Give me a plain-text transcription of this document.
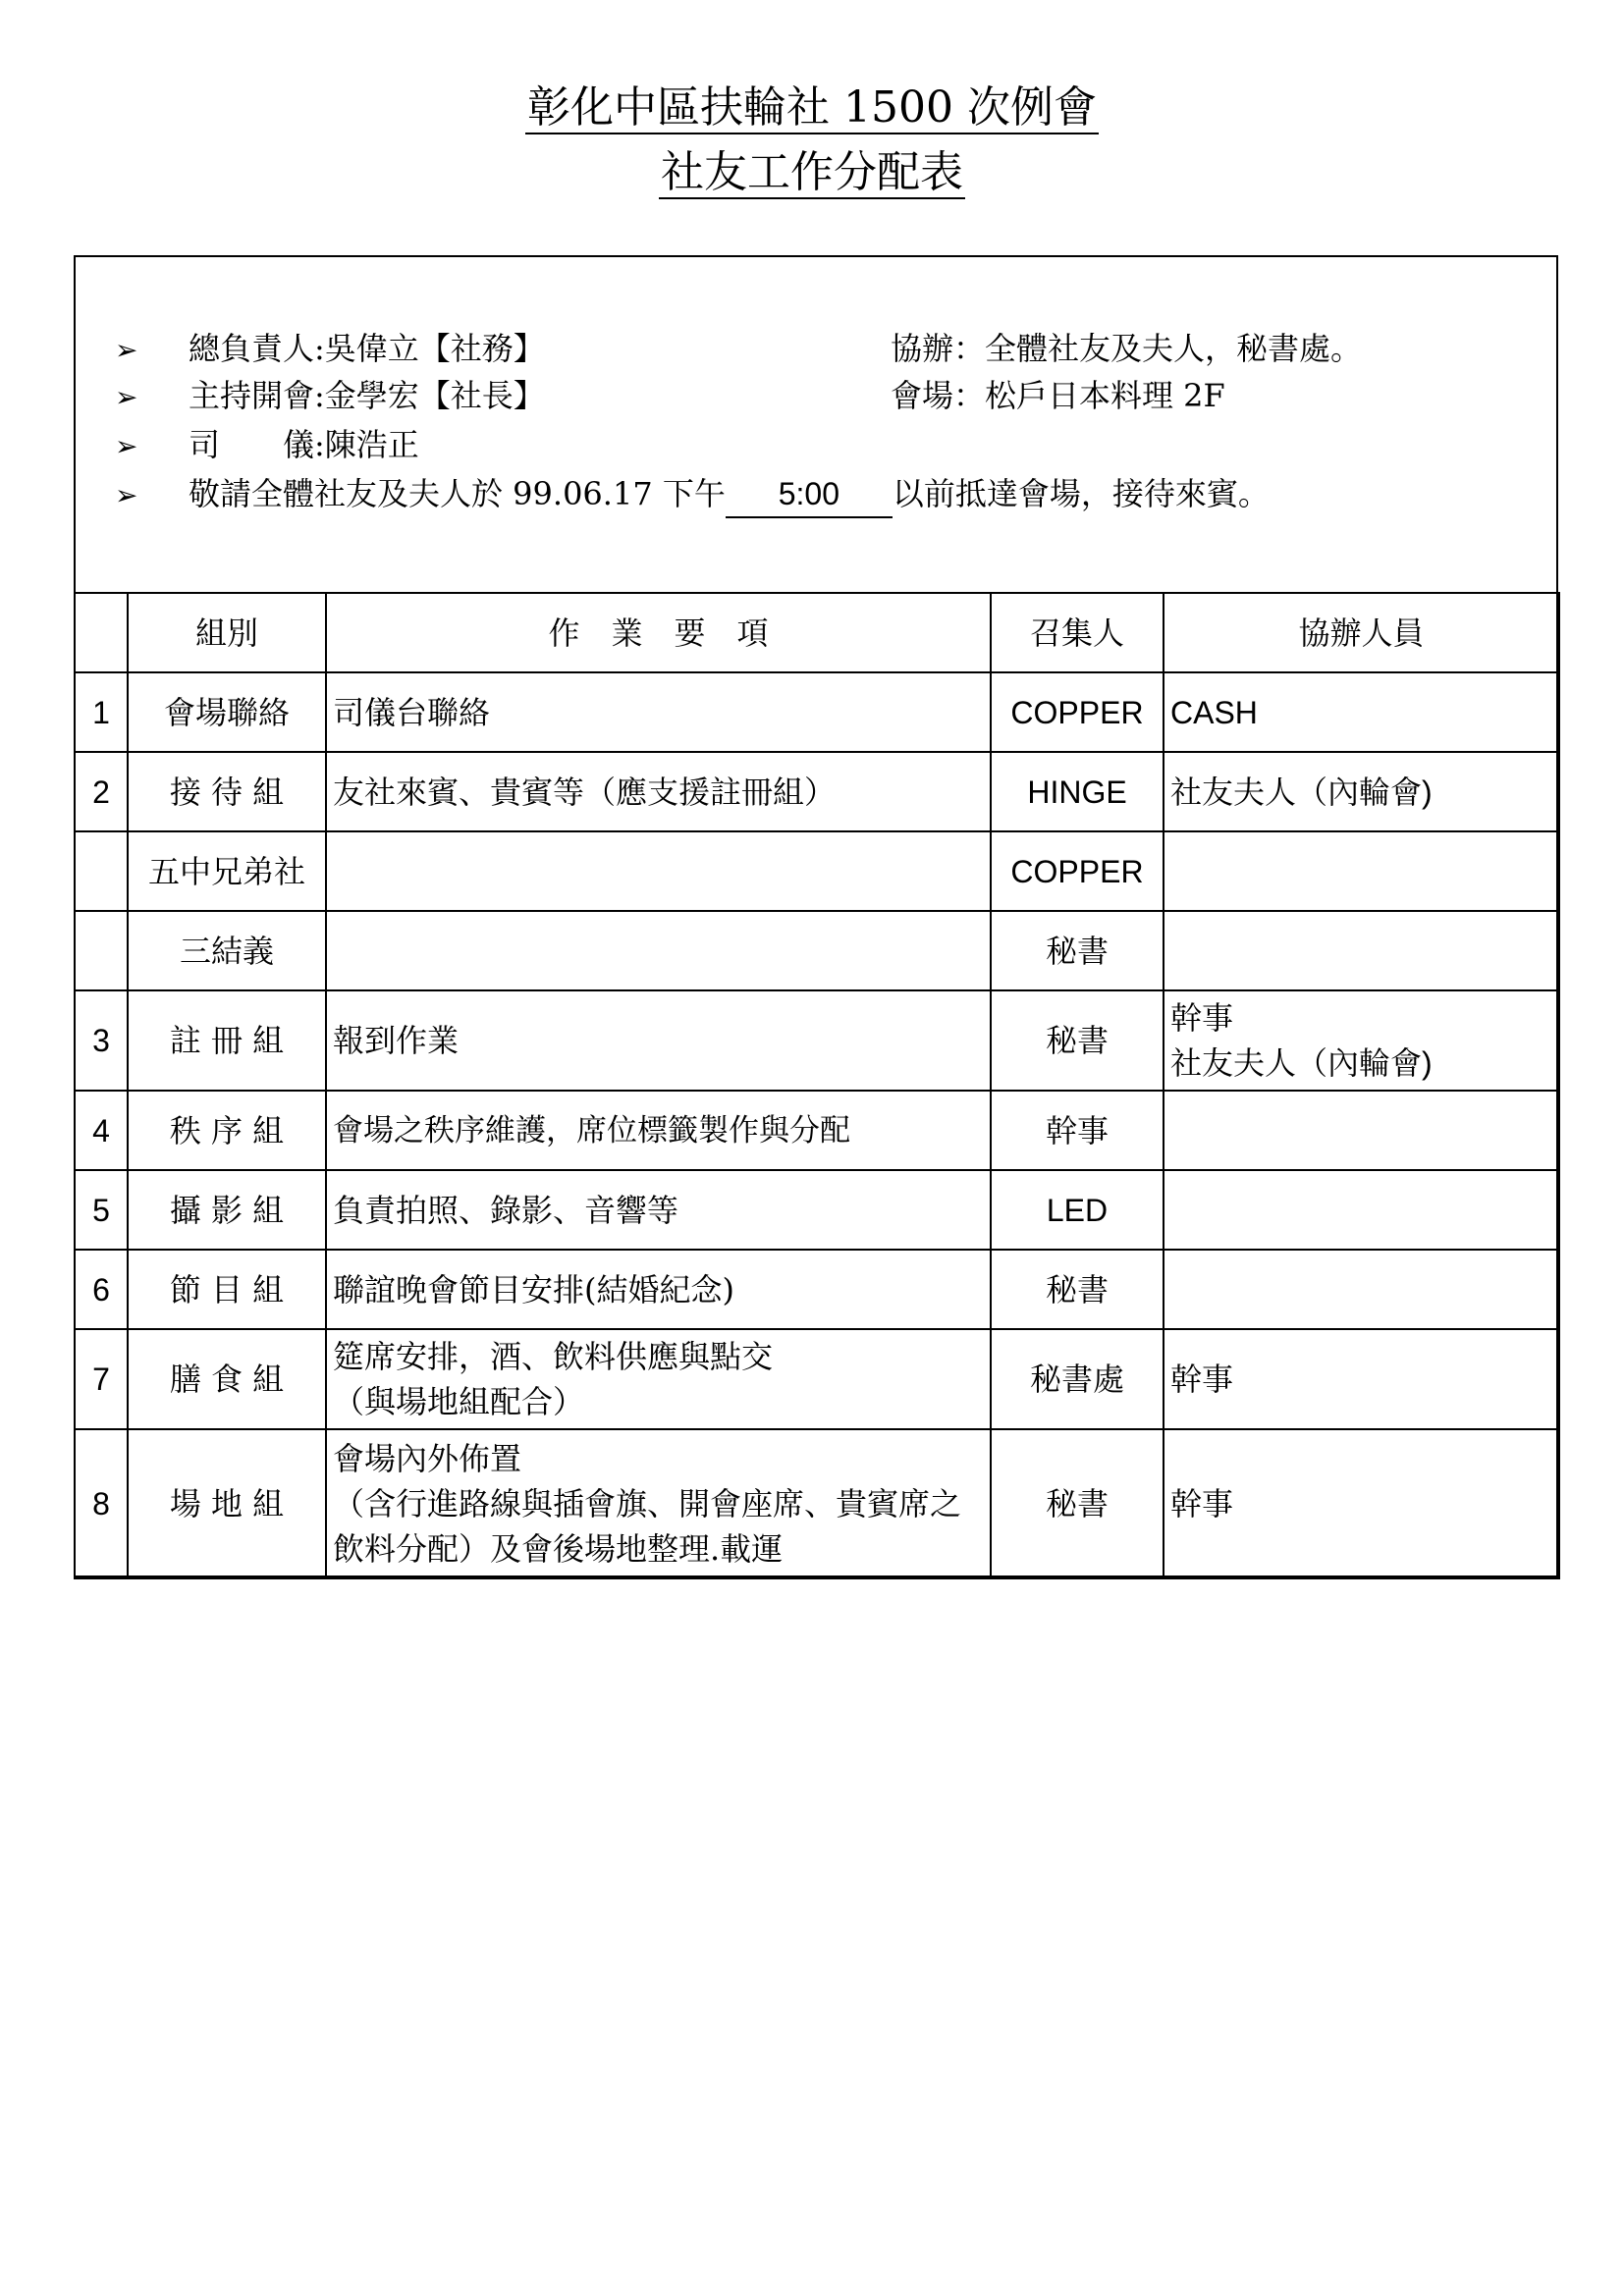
彰化中區扶輪社 1500 次例會
社友工作分配表
➢ 總負責人:吳偉立【社務】	協辦：全體社友及夫人，秘書處。
➢ 主持開會:金學宏【社長】	會場：松戶日本料理 2F
➢ 司　　儀:陳浩正
➢ 敬請全體社友及夫人於 99.06.17 下午 5:00 以前抵達會場，接待來賓。
	組別	作　業　要　項	召集人	協辦人員
1	會場聯絡	司儀台聯絡	COPPER	CASH
2	接 待 組	友社來賓、貴賓等（應支援註冊組）	HINGE	社友夫人（內輪會)
	五中兄弟社		COPPER	
	三結義		秘書	
3	註 冊 組	報到作業	秘書	幹事
社友夫人（內輪會)
4	秩 序 組	會場之秩序維護，席位標籤製作與分配	幹事	
5	攝 影 組	負責拍照、錄影、音響等	LED	
6	節 目 組	聯誼晚會節目安排(結婚紀念)	秘書	
7	膳 食 組	筵席安排，酒、飲料供應與點交
（與場地組配合）	秘書處	幹事
8	場 地 組	會場內外佈置
（含行進路線與插會旗、開會座席、貴賓席之飲料分配）及會後場地整理.載運	秘書	幹事
